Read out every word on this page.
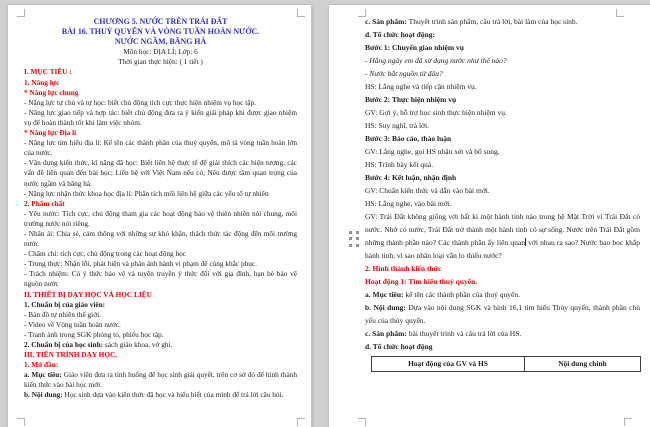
CHƯƠNG 5. NƯỚC TRÊN TRÁI ĐẤT

BÀI 16. THUỶ QUYỂN VÀ VÒNG TUẦN HOÀN NƯỚC.

NƯỚC NGẦM, BĂNG HÀ

Môn học: ĐỊA LÍ; Lớp: 6

Thời gian thực hiện: ( 1 tiết )

I. MỤC TIÊU :

1. Năng lực

* Năng lực chung

- Năng lực tự chủ và tự học: biết chủ động tích cực thực hiện nhiệm vụ học tập.

- Năng lực giao tiếp và hợp tác: biết chủ động đưa ra ý kiến giải pháp khi được giao nhiệm vụ để hoàn thành tốt khi làm việc nhóm.

* Năng lực Địa lí

- Năng lực tìm hiểu địa lí: Kể tên các thành phần của thuỷ quyển, mô tả vòng tuần hoàn lớn của nước.

- Vận dụng kiến thức, kĩ năng đã học: Biết liên hệ thực tế để giải thích các hiện tượng, các vấn đề liên quan đến bài học; Liên hệ với Việt Nam nếu có; Nêu được tầm quan trọng của nước ngầm và băng hà.

- Năng lực nhận thức khoa học địa lí: Phân tích mối liên hệ giữa các yếu tố tự nhiên

2. Phẩm chất

- Yêu nước: Tích cực, chủ động tham gia các hoạt động bảo vệ thiên nhiên nói chung, môi trường nước nói riêng.

- Nhân ái: Chia sẻ, cảm thông với những sự khó khăn, thách thức tác động đến môi trường nước

- Chăm chỉ: tích cực, chủ động trong các hoạt động học

- Trung thực: Nhận lỗi, phát hiện và phản ánh hành vi phạm để cùng khắc phục.

- Trách nhiệm: Có ý thức bảo vệ và tuyên truyền ý thức đối với gia đình, bạn bè bảo vệ nguồn nước

II. THIẾT BỊ DẠY HỌC VÀ HỌC LIỆU

1. Chuẩn bị của giáo viên:

- Bản đồ tự nhiên thế giới.

- Video về Vòng tuần hoàn nước.

- Tranh ảnh trong SGK phóng to, phiếu học tập.

2. Chuẩn bị của học sinh: sách giáo khoa, vở ghi.

III. TIẾN TRÌNH DẠY HỌC.

1. Mở đầu:

a. Mục tiêu: Giáo viên đưa ra tình huống để học sinh giải quyết, trên cơ sở đó để hình thành kiến thức vào bài học mới.

b. Nội dung: Học sinh dựa vào kiến thức đã học và hiểu biết của mình để trả lời câu hỏi.

c. Sản phẩm: Thuyết trình sản phẩm, câu trả lời, bài làm của học sinh.

d. Tổ chức hoạt động:

Bước 1: Chuyển giao nhiệm vụ

- Hằng ngày em đã sử dụng nước như thế nào?

- Nước bắt nguồn từ đâu?

HS: Lắng nghe và tiếp cận nhiệm vụ.

Bước 2: Thực hiện nhiệm vụ

GV: Gợi ý, hỗ trợ học sinh thực hiện nhiệm vụ.

HS: Suy nghĩ, trả lời.

Bước 3: Báo cáo, thảo luận

GV: Lắng nghe, gọi HS nhận xét và bổ sung.

HS: Trình bày kết quả.

Bước 4: Kết luận, nhận định

GV: Chuẩn kiến thức và dẫn vào bài mới.

HS: Lắng nghe, vào bài mới.

GV: Trái Đất không giống với bất kì một hành tinh nào trong hệ Mặt Trời vì Trái Đất có nước. Nhờ có nước, Trái Đất trở thành một hành tinh có sự sống. Nước trên Trái Đất gồm những thành phần nào? Các thành phần ấy liên quan với nhau ra sao? Nước bao bọc khắp hành tinh, vì sao nhân loại vẫn lo thiếu nước?

2. Hình thành kiến thức

Hoạt động 1: Tìm hiểu thuỷ quyển.

a. Mục tiêu: kể tên các thành phần của thuỷ quyển.

b. Nội dung: Dựa vào nội dung SGK và hình 16.1 tìm hiểu Thủy quyển, thành phần chủ yếu của thủy quyển.

c. Sản phẩm: bài thuyết trình và câu trả lời của HS.

d. Tổ chức hoạt động

Hoạt động của GV và HS	Nội dung chính
